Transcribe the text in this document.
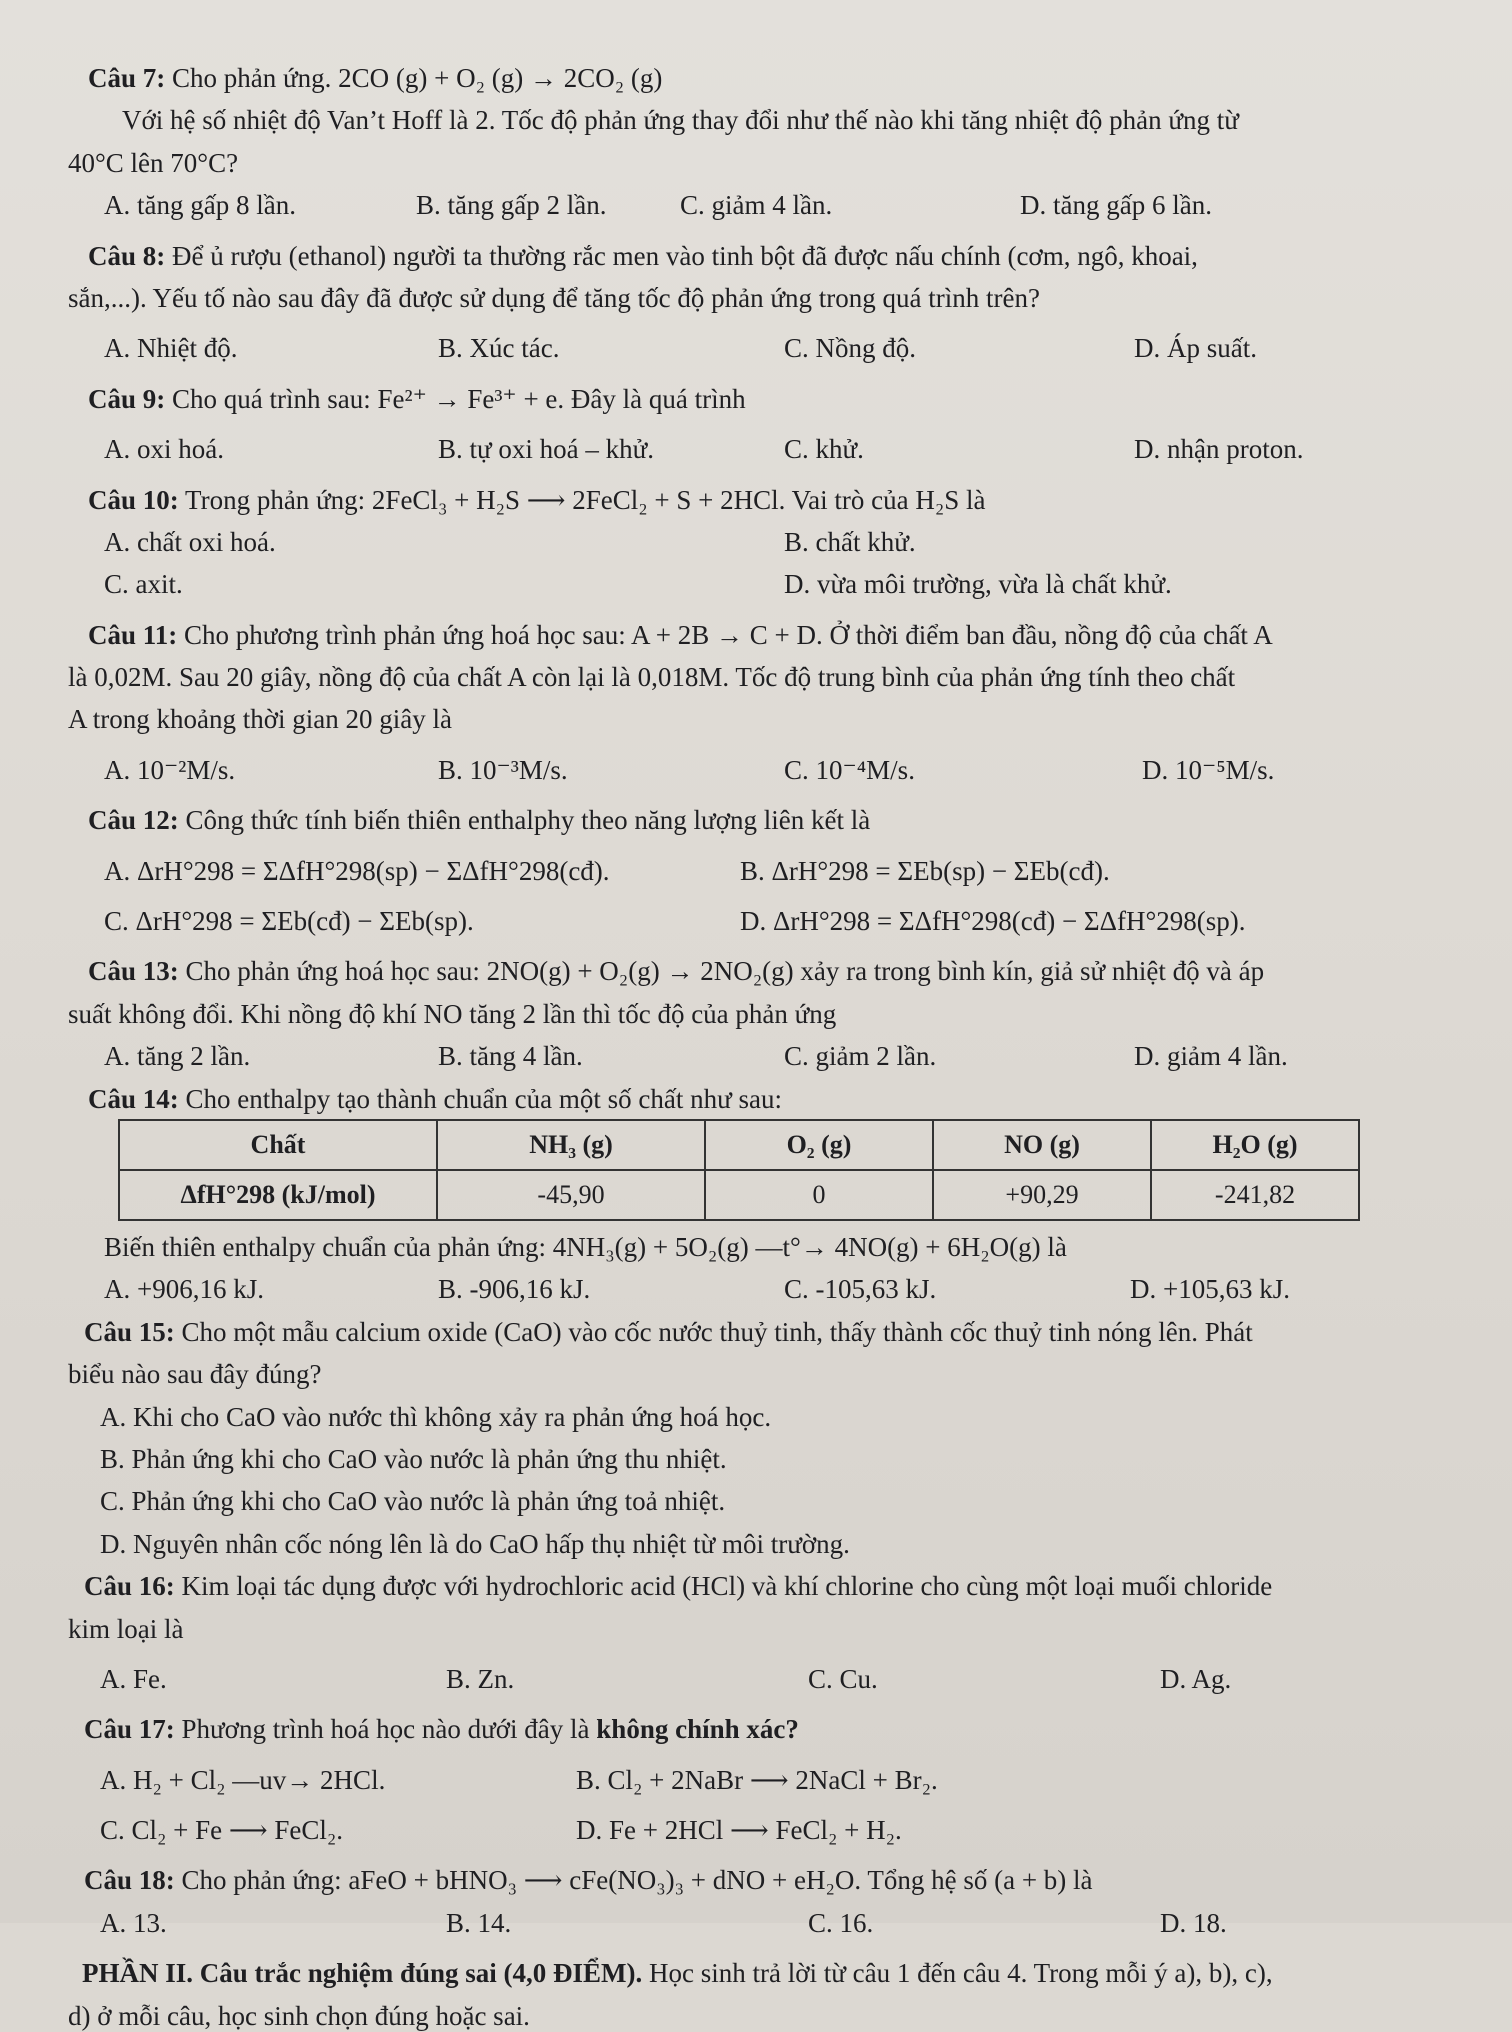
Câu 7: Cho phản ứng. 2CO (g) + O₂ (g) → 2CO₂ (g)

Với hệ số nhiệt độ Van’t Hoff là 2. Tốc độ phản ứng thay đổi như thế nào khi tăng nhiệt độ phản ứng từ

40°C lên 70°C?

A. tăng gấp 8 lần.	B. tăng gấp 2 lần.	C. giảm 4 lần.	D. tăng gấp 6 lần.

Câu 8: Để ủ rượu (ethanol) người ta thường rắc men vào tinh bột đã được nấu chính (cơm, ngô, khoai,

sắn,...). Yếu tố nào sau đây đã được sử dụng để tăng tốc độ phản ứng trong quá trình trên?

A. Nhiệt độ.	B. Xúc tác.	C. Nồng độ.	D. Áp suất.

Câu 9: Cho quá trình sau: Fe²⁺ → Fe³⁺ + e. Đây là quá trình

A. oxi hoá.	B. tự oxi hoá – khử.	C. khử.	D. nhận proton.

Câu 10: Trong phản ứng: 2FeCl₃ + H₂S ⟶ 2FeCl₂ + S + 2HCl. Vai trò của H₂S là

A. chất oxi hoá.	B. chất khử.
C. axit.	D. vừa môi trường, vừa là chất khử.

Câu 11: Cho phương trình phản ứng hoá học sau: A + 2B → C + D. Ở thời điểm ban đầu, nồng độ của chất A

là 0,02M. Sau 20 giây, nồng độ của chất A còn lại là 0,018M. Tốc độ trung bình của phản ứng tính theo chất

A trong khoảng thời gian 20 giây là

A. 10⁻²M/s.	B. 10⁻³M/s.	C. 10⁻⁴M/s.	D. 10⁻⁵M/s.

Câu 12: Công thức tính biến thiên enthalphy theo năng lượng liên kết là

A. ΔrH°298 = ΣΔfH°298(sp) − ΣΔfH°298(cđ).	B. ΔrH°298 = ΣEb(sp) − ΣEb(cđ).
C. ΔrH°298 = ΣEb(cđ) − ΣEb(sp).	D. ΔrH°298 = ΣΔfH°298(cđ) − ΣΔfH°298(sp).

Câu 13: Cho phản ứng hoá học sau: 2NO(g) + O₂(g) → 2NO₂(g) xảy ra trong bình kín, giả sử nhiệt độ và áp

suất không đổi. Khi nồng độ khí NO tăng 2 lần thì tốc độ của phản ứng

A. tăng 2 lần.	B. tăng 4 lần.	C. giảm 2 lần.	D. giảm 4 lần.

Câu 14: Cho enthalpy tạo thành chuẩn của một số chất như sau:

Chất	NH₃ (g)	O₂ (g)	NO (g)	H₂O (g)
ΔfH°298 (kJ/mol)	-45,90	0	+90,29	-241,82

Biến thiên enthalpy chuẩn của phản ứng: 4NH₃(g) + 5O₂(g) —t°→ 4NO(g) + 6H₂O(g) là

A. +906,16 kJ.	B. -906,16 kJ.	C. -105,63 kJ.	D. +105,63 kJ.

Câu 15: Cho một mẫu calcium oxide (CaO) vào cốc nước thuỷ tinh, thấy thành cốc thuỷ tinh nóng lên. Phát

biểu nào sau đây đúng?

A. Khi cho CaO vào nước thì không xảy ra phản ứng hoá học.

B. Phản ứng khi cho CaO vào nước là phản ứng thu nhiệt.

C. Phản ứng khi cho CaO vào nước là phản ứng toả nhiệt.

D. Nguyên nhân cốc nóng lên là do CaO hấp thụ nhiệt từ môi trường.

Câu 16: Kim loại tác dụng được với hydrochloric acid (HCl) và khí chlorine cho cùng một loại muối chloride

kim loại là

A. Fe.	B. Zn.	C. Cu.	D. Ag.

Câu 17: Phương trình hoá học nào dưới đây là không chính xác?

A. H₂ + Cl₂ —uv→ 2HCl.	B. Cl₂ + 2NaBr ⟶ 2NaCl + Br₂.
C. Cl₂ + Fe ⟶ FeCl₂.	D. Fe + 2HCl ⟶ FeCl₂ + H₂.

Câu 18: Cho phản ứng: aFeO + bHNO₃ ⟶ cFe(NO₃)₃ + dNO + eH₂O. Tổng hệ số (a + b) là

A. 13.	B. 14.	C. 16.	D. 18.

PHẦN II. Câu trắc nghiệm đúng sai (4,0 ĐIỂM). Học sinh trả lời từ câu 1 đến câu 4. Trong mỗi ý a), b), c),

d) ở mỗi câu, học sinh chọn đúng hoặc sai.
